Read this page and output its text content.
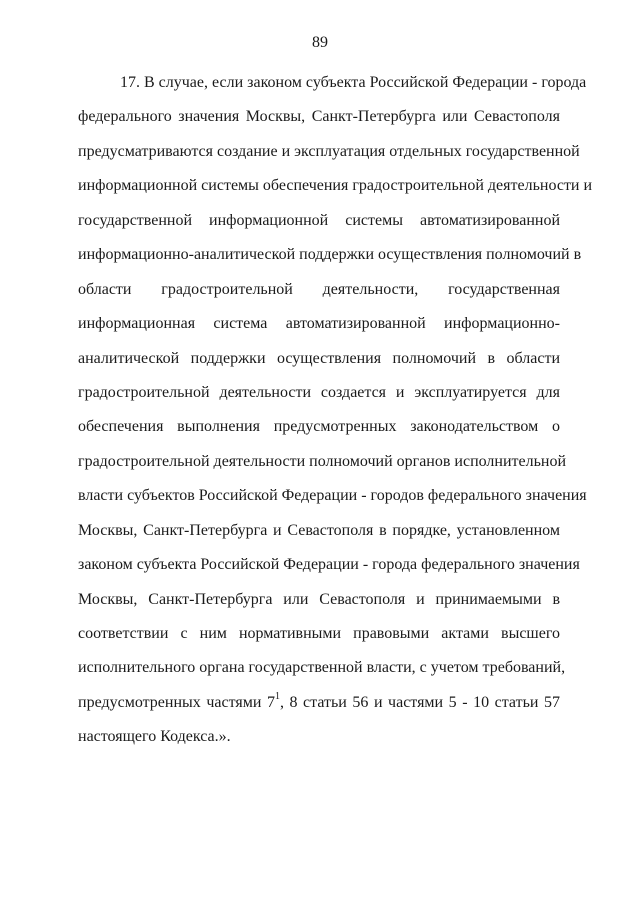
89
17. В случае, если законом субъекта Российской Федерации - города
федерального значения Москвы, Санкт-Петербурга или Севастополя
предусматриваются создание и эксплуатация отдельных государственной
информационной системы обеспечения градостроительной деятельности и
государственной информационной системы автоматизированной
информационно-аналитической поддержки осуществления полномочий в
области градостроительной деятельности, государственная
информационная система автоматизированной информационно-
аналитической поддержки осуществления полномочий в области
градостроительной деятельности создается и эксплуатируется для
обеспечения выполнения предусмотренных законодательством о
градостроительной деятельности полномочий органов исполнительной
власти субъектов Российской Федерации - городов федерального значения
Москвы, Санкт-Петербурга и Севастополя в порядке, установленном
законом субъекта Российской Федерации - города федерального значения
Москвы, Санкт-Петербурга или Севастополя и принимаемыми в
соответствии с ним нормативными правовыми актами высшего
исполнительного органа государственной власти, с учетом требований,
предусмотренных частями $7^1$, 8 статьи 56 и частями 5 - 10 статьи 57
настоящего Кодекса.».
